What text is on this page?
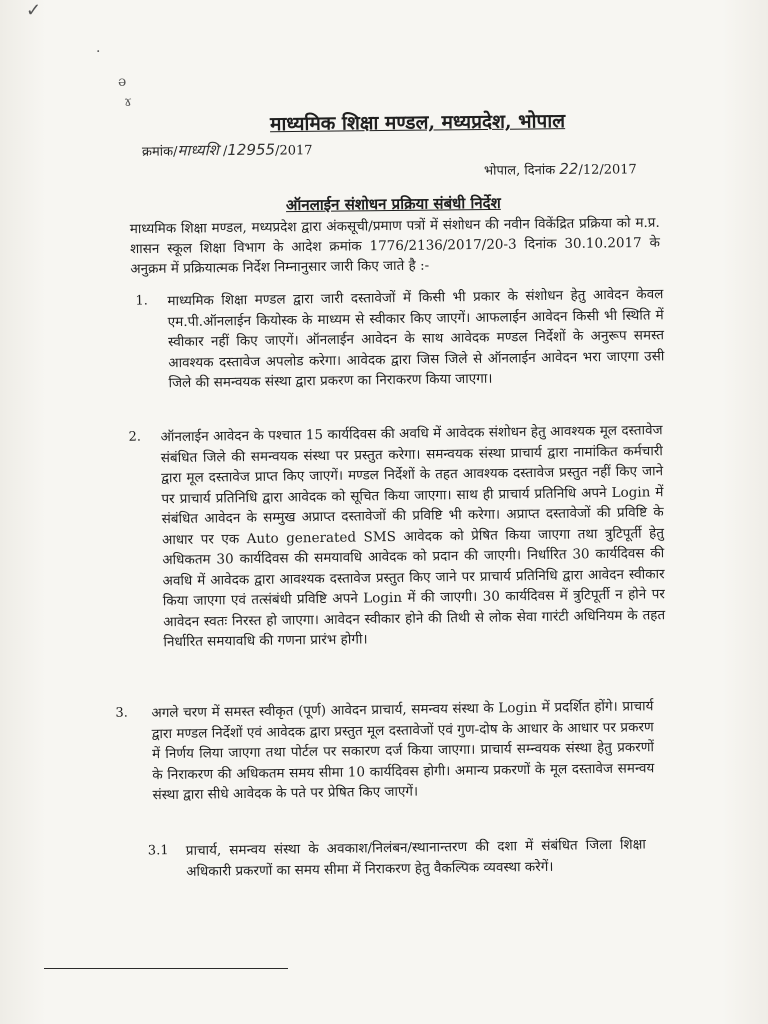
✓
·
ə
ɤ
माध्यमिक शिक्षा मण्डल, मध्यप्रदेश, भोपाल
क्रमांक/माध्यशि /12955/2017
भोपाल, दिनांक 22/12/2017
ऑनलाईन संशोधन प्रक्रिया संबंधी निर्देश
माध्यमिक शिक्षा मण्डल, मध्यप्रदेश द्वारा अंकसूची/प्रमाण पत्रों में संशोधन की नवीन विकेंद्रित प्रक्रिया को म.प्र. शासन स्कूल शिक्षा विभाग के आदेश क्रमांक 1776/2136/2017/20-3 दिनांक 30.10.2017 के अनुक्रम में प्रक्रियात्मक निर्देश निम्नानुसार जारी किए जाते है :-
1. माध्यमिक शिक्षा मण्डल द्वारा जारी दस्तावेजों में किसी भी प्रकार के संशोधन हेतु आवेदन केवल एम.पी.ऑनलाईन कियोस्क के माध्यम से स्वीकार किए जाएगें। आफलाईन आवेदन किसी भी स्थिति में स्वीकार नहीं किए जाएगें। ऑनलाईन आवेदन के साथ आवेदक मण्डल निर्देशों के अनुरूप समस्त आवश्यक दस्तावेज अपलोड करेगा। आवेदक द्वारा जिस जिले से ऑनलाईन आवेदन भरा जाएगा उसी जिले की समन्वयक संस्था द्वारा प्रकरण का निराकरण किया जाएगा।
2. ऑनलाईन आवेदन के पश्चात 15 कार्यदिवस की अवधि में आवेदक संशोधन हेतु आवश्यक मूल दस्तावेज संबंधित जिले की समन्वयक संस्था पर प्रस्तुत करेगा। समन्वयक संस्था प्राचार्य द्वारा नामांकित कर्मचारी द्वारा मूल दस्तावेज प्राप्त किए जाएगें। मण्डल निर्देशों के तहत आवश्यक दस्तावेज प्रस्तुत नहीं किए जाने पर प्राचार्य प्रतिनिधि द्वारा आवेदक को सूचित किया जाएगा। साथ ही प्राचार्य प्रतिनिधि अपने Login में संबंधित आवेदन के सम्मुख अप्राप्त दस्तावेजों की प्रविष्टि भी करेगा। अप्राप्त दस्तावेजों की प्रविष्टि के आधार पर एक Auto generated SMS आवेदक को प्रेषित किया जाएगा तथा त्रुटिपूर्ती हेतु अधिकतम 30 कार्यदिवस की समयावधि आवेदक को प्रदान की जाएगी। निर्धारित 30 कार्यदिवस की अवधि में आवेदक द्वारा आवश्यक दस्तावेज प्रस्तुत किए जाने पर प्राचार्य प्रतिनिधि द्वारा आवेदन स्वीकार किया जाएगा एवं तत्संबंधी प्रविष्टि अपने Login में की जाएगी। 30 कार्यदिवस में त्रुटिपूर्ती न होने पर आवेदन स्वतः निरस्त हो जाएगा। आवेदन स्वीकार होने की तिथी से लोक सेवा गारंटी अधिनियम के तहत निर्धारित समयावधि की गणना प्रारंभ होगी।
3. अगले चरण में समस्त स्वीकृत (पूर्ण) आवेदन प्राचार्य, समन्वय संस्था के Login में प्रदर्शित होंगे। प्राचार्य द्वारा मण्डल निर्देशों एवं आवेदक द्वारा प्रस्तुत मूल दस्तावेजों एवं गुण-दोष के आधार के आधार पर प्रकरण में निर्णय लिया जाएगा तथा पोर्टल पर सकारण दर्ज किया जाएगा। प्राचार्य सम्न्वयक संस्था हेतु प्रकरणों के निराकरण की अधिकतम समय सीमा 10 कार्यदिवस होगी। अमान्य प्रकरणों के मूल दस्तावेज समन्वय संस्था द्वारा सीधे आवेदक के पते पर प्रेषित किए जाएगें।
3.1 प्राचार्य, समन्वय संस्था के अवकाश/निलंबन/स्थानान्तरण की दशा में संबंधित जिला शिक्षा अधिकारी प्रकरणों का समय सीमा में निराकरण हेतु वैकल्पिक व्यवस्था करेगें।
